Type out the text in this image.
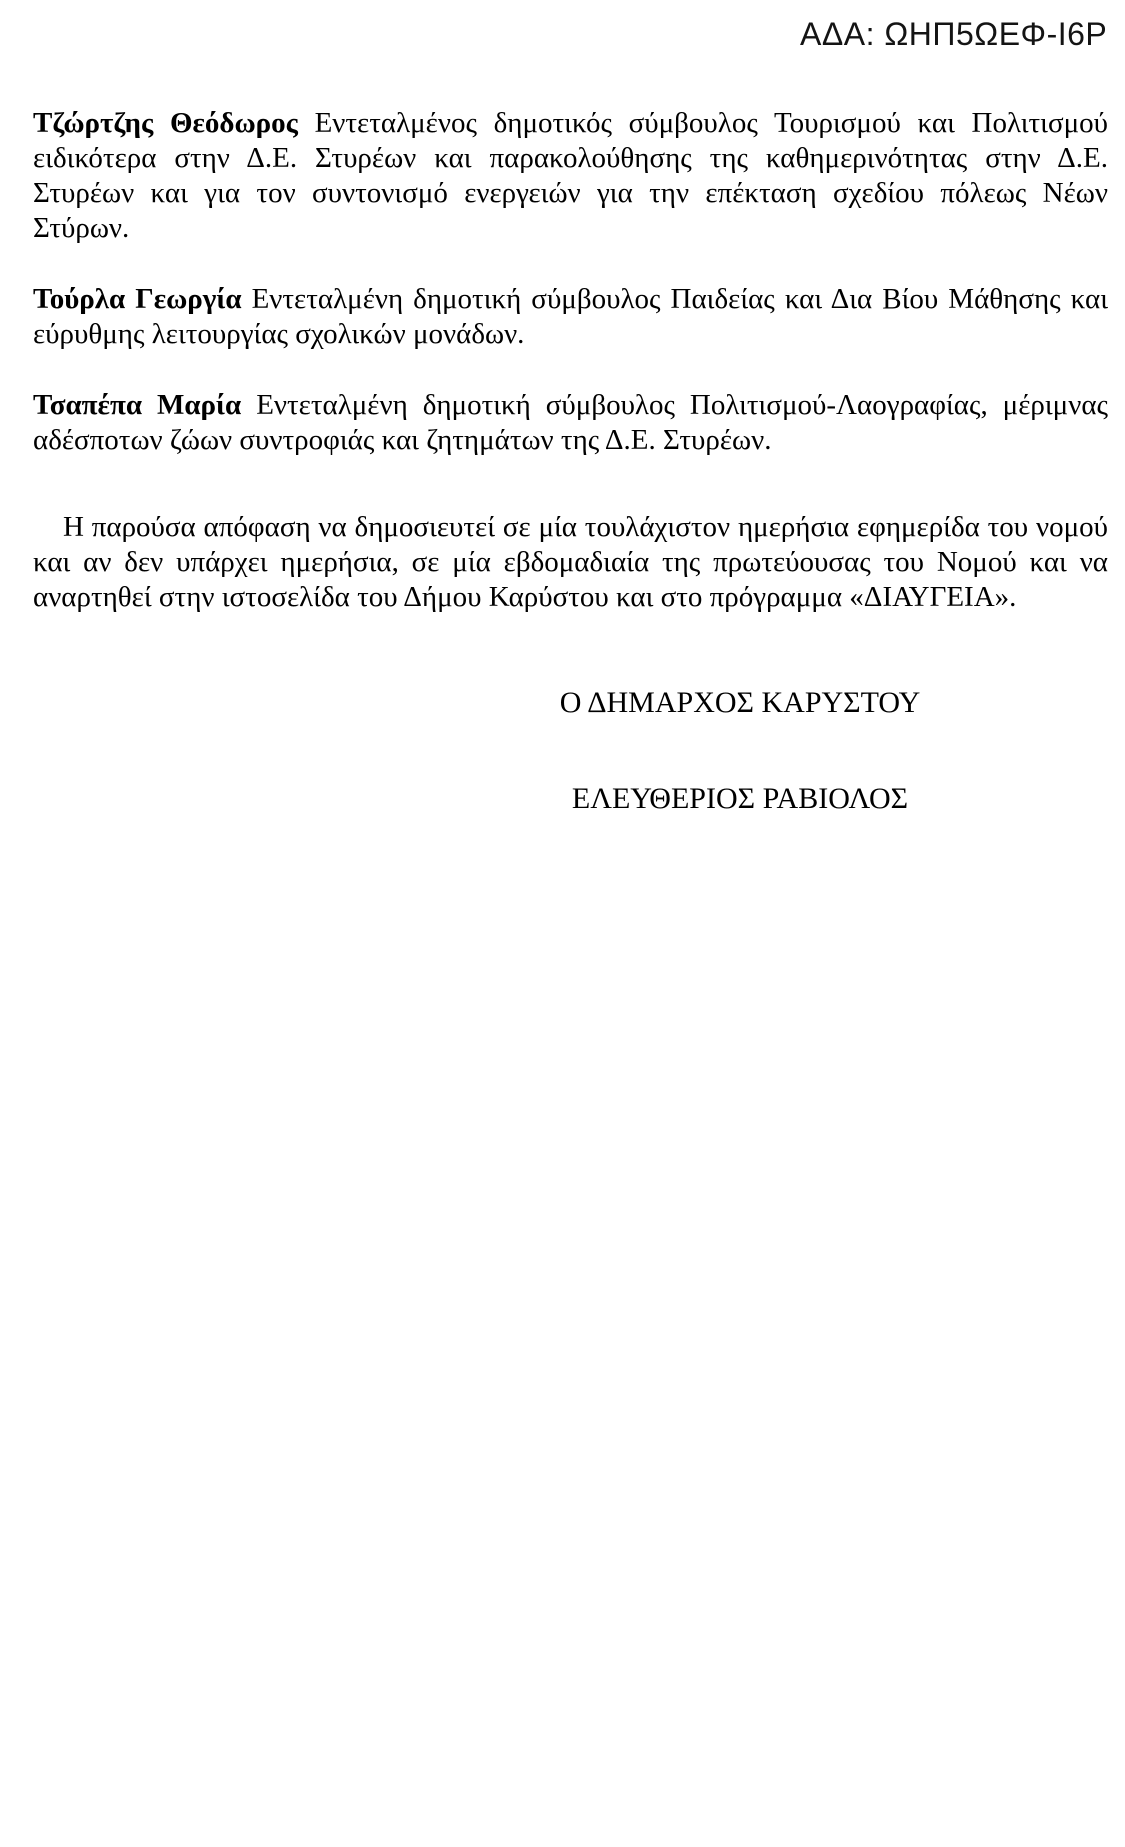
ΑΔΑ: ΩΗΠ5ΩΕΦ-Ι6Ρ

Τζώρτζης Θεόδωρος Εντεταλμένος δημοτικός σύμβουλος Τουρισμού και Πολιτισμού ειδικότερα στην Δ.Ε. Στυρέων και παρακολούθησης της καθημερινότητας στην Δ.Ε. Στυρέων και για τον συντονισμό ενεργειών για την επέκταση σχεδίου πόλεως Νέων Στύρων.

Τούρλα Γεωργία Εντεταλμένη δημοτική σύμβουλος Παιδείας και Δια Βίου Μάθησης και εύρυθμης λειτουργίας σχολικών μονάδων.

Τσαπέπα Μαρία Εντεταλμένη δημοτική σύμβουλος Πολιτισμού-Λαογραφίας, μέριμνας αδέσποτων ζώων συντροφιάς και ζητημάτων της Δ.Ε. Στυρέων.

Η παρούσα απόφαση να δημοσιευτεί σε μία τουλάχιστον ημερήσια εφημερίδα του νομού και αν δεν υπάρχει ημερήσια, σε μία εβδομαδιαία της πρωτεύουσας του Νομού και να αναρτηθεί στην ιστοσελίδα του Δήμου Καρύστου και στο πρόγραμμα «ΔΙΑΥΓΕΙΑ».

Ο ΔΗΜΑΡΧΟΣ ΚΑΡΥΣΤΟΥ
ΕΛΕΥΘΕΡΙΟΣ ΡΑΒΙΟΛΟΣ
